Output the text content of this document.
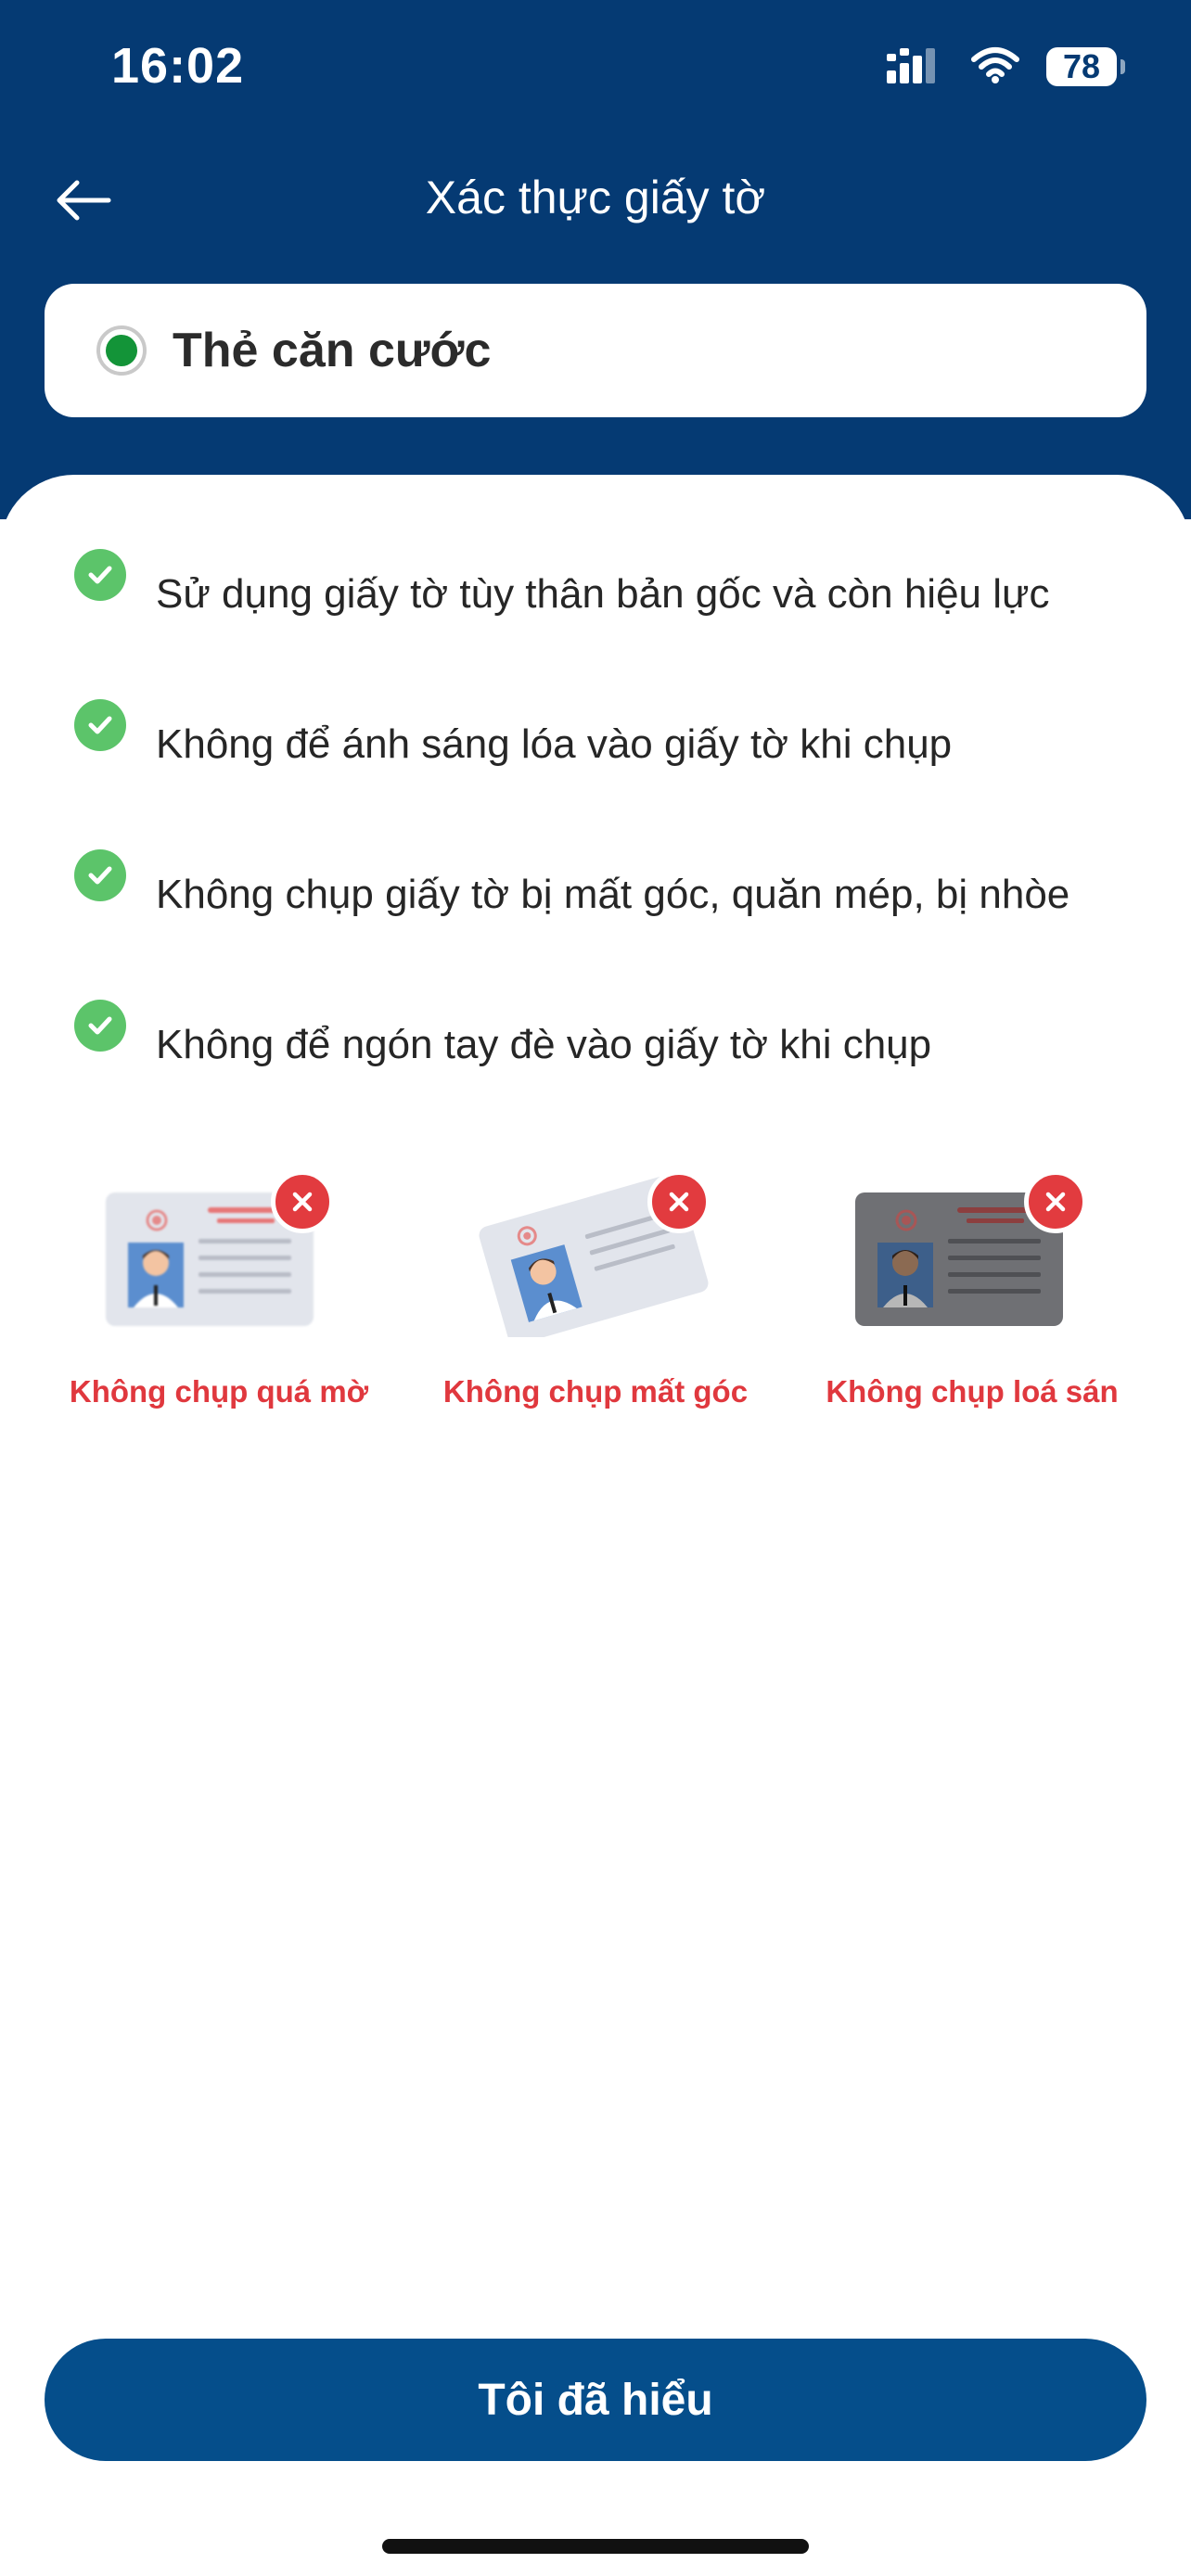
16:02	78
Xác thực giấy tờ
Thẻ căn cước
Sử dụng giấy tờ tùy thân bản gốc và còn hiệu lực
Không để ánh sáng lóa vào giấy tờ khi chụp
Không chụp giấy tờ bị mất góc, quăn mép, bị nhòe
Không để ngón tay đè vào giấy tờ khi chụp
Không chụp quá mờ	Không chụp mất góc	Không chụp loá sán
Tôi đã hiểu
